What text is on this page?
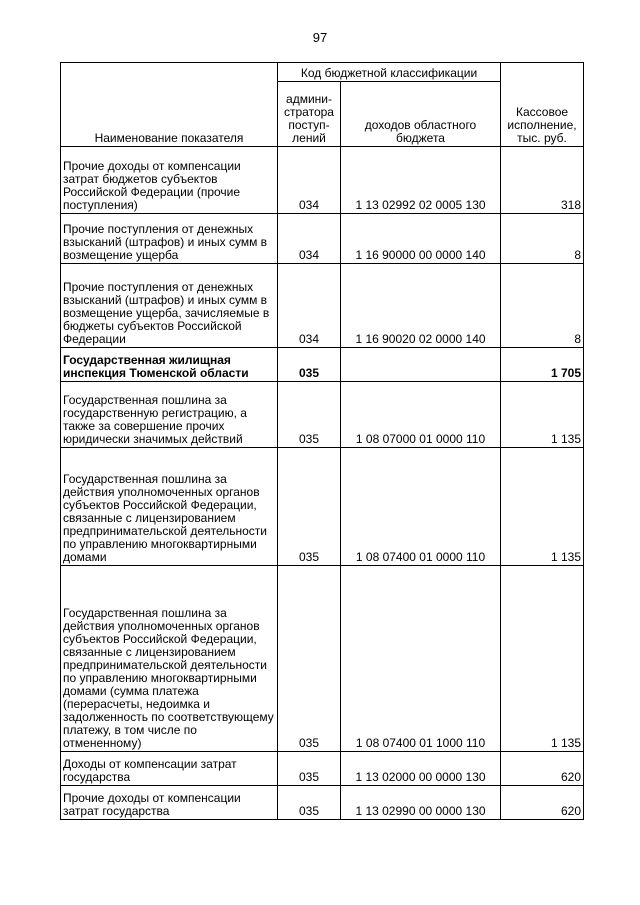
97
Наименование показателя	Код бюджетной классификации		Кассовое исполнение, тыс. руб.
	админи-стратора поступ-лений	доходов областного бюджета	
Прочие доходы от компенсации затрат бюджетов субъектов Российской Федерации (прочие поступления)	034	1 13 02992 02 0005 130	318
Прочие поступления от денежных взысканий (штрафов) и иных сумм в возмещение ущерба	034	1 16 90000 00 0000 140	8
Прочие поступления от денежных взысканий (штрафов) и иных сумм в возмещение ущерба, зачисляемые в бюджеты субъектов Российской Федерации	034	1 16 90020 02 0000 140	8
Государственная жилищная инспекция Тюменской области	035		1 705
Государственная пошлина за государственную регистрацию, а также за совершение прочих юридически значимых действий	035	1 08 07000 01 0000 110	1 135
Государственная пошлина за действия уполномоченных органов субъектов Российской Федерации, связанные с лицензированием предпринимательской деятельности по управлению многоквартирными домами	035	1 08 07400 01 0000 110	1 135
Государственная пошлина за действия уполномоченных органов субъектов Российской Федерации, связанные с лицензированием предпринимательской деятельности по управлению многоквартирными домами (сумма платежа (перерасчеты, недоимка и задолженность по соответствующему платежу, в том числе по отмененному)	035	1 08 07400 01 1000 110	1 135
Доходы от компенсации затрат государства	035	1 13 02000 00 0000 130	620
Прочие доходы от компенсации затрат государства	035	1 13 02990 00 0000 130	620
